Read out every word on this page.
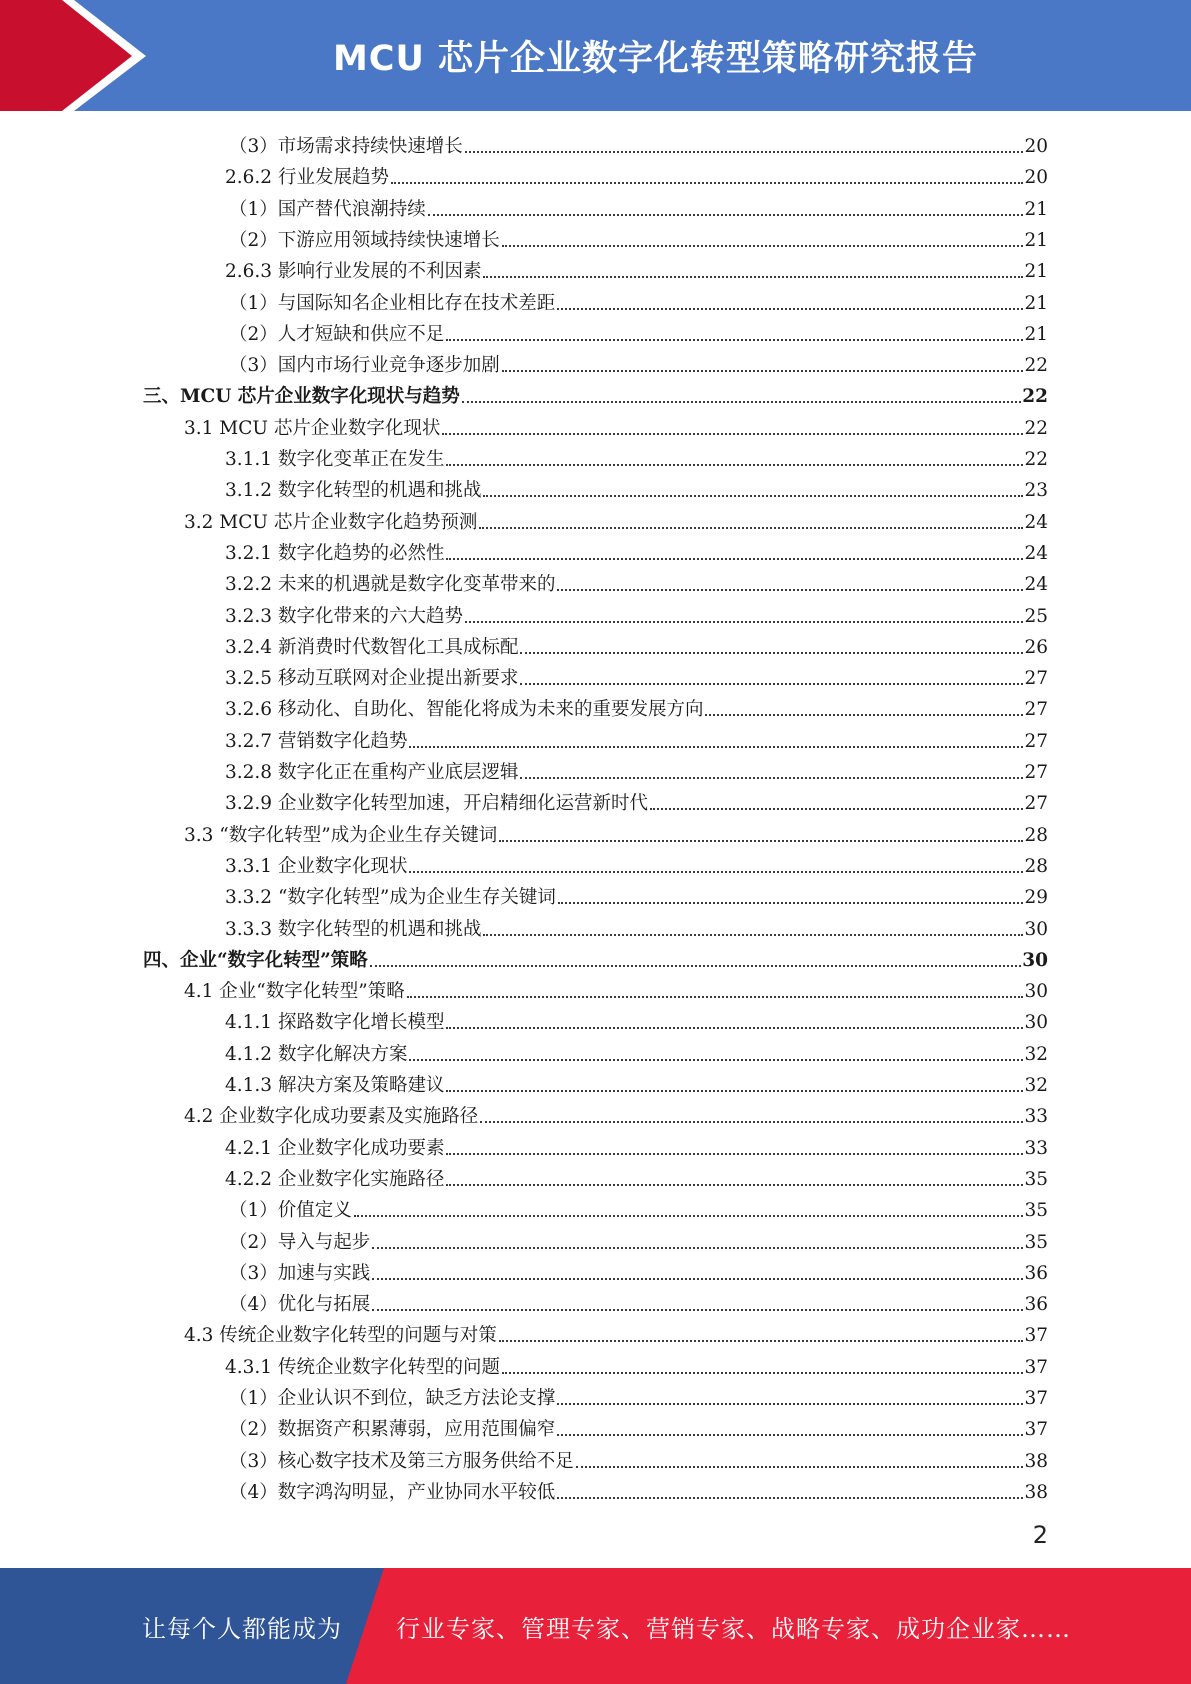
MCU 芯片企业数字化转型策略研究报告
（3）市场需求持续快速增长	20
2.6.2 行业发展趋势	20
（1）国产替代浪潮持续	21
（2）下游应用领域持续快速增长	21
2.6.3 影响行业发展的不利因素	21
（1）与国际知名企业相比存在技术差距	21
（2）人才短缺和供应不足	21
（3）国内市场行业竞争逐步加剧	22
三、MCU 芯片企业数字化现状与趋势	22
3.1 MCU 芯片企业数字化现状	22
3.1.1 数字化变革正在发生	22
3.1.2 数字化转型的机遇和挑战	23
3.2 MCU 芯片企业数字化趋势预测	24
3.2.1 数字化趋势的必然性	24
3.2.2 未来的机遇就是数字化变革带来的	24
3.2.3 数字化带来的六大趋势	25
3.2.4 新消费时代数智化工具成标配	26
3.2.5 移动互联网对企业提出新要求	27
3.2.6 移动化、自助化、智能化将成为未来的重要发展方向	27
3.2.7 营销数字化趋势	27
3.2.8 数字化正在重构产业底层逻辑	27
3.2.9 企业数字化转型加速，开启精细化运营新时代	27
3.3 “数字化转型”成为企业生存关键词	28
3.3.1 企业数字化现状	28
3.3.2 “数字化转型”成为企业生存关键词	29
3.3.3 数字化转型的机遇和挑战	30
四、企业“数字化转型”策略	30
4.1 企业“数字化转型”策略	30
4.1.1 探路数字化增长模型	30
4.1.2 数字化解决方案	32
4.1.3 解决方案及策略建议	32
4.2 企业数字化成功要素及实施路径	33
4.2.1 企业数字化成功要素	33
4.2.2 企业数字化实施路径	35
（1）价值定义	35
（2）导入与起步	35
（3）加速与实践	36
（4）优化与拓展	36
4.3 传统企业数字化转型的问题与对策	37
4.3.1 传统企业数字化转型的问题	37
（1）企业认识不到位，缺乏方法论支撑	37
（2）数据资产积累薄弱，应用范围偏窄	37
（3）核心数字技术及第三方服务供给不足	38
（4）数字鸿沟明显，产业协同水平较低	38
2
让每个人都能成为 行业专家、管理专家、营销专家、战略专家、成功企业家……
